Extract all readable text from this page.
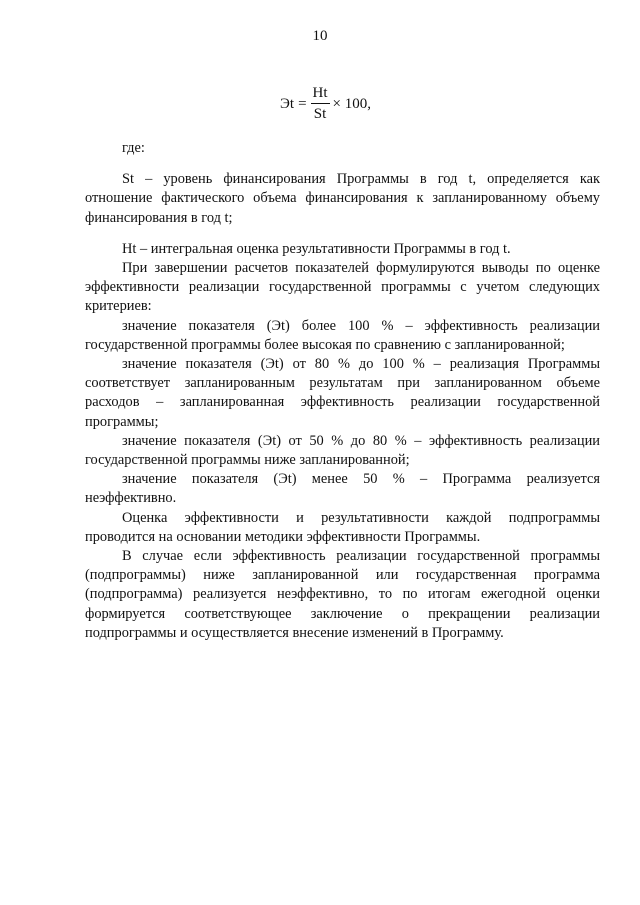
10
Эt = $\frac{Ht}{St} \times 100$,

где:

St – уровень финансирования Программы в год t, определяется как отношение фактического объема финансирования к запланированному объему финансирования в год t;

Ht – интегральная оценка результативности Программы в год t.

При завершении расчетов показателей формулируются выводы по оценке эффективности реализации государственной программы с учетом следующих критериев:

значение показателя (Эt) более 100 % – эффективность реализации государственной программы более высокая по сравнению с запланированной;

значение показателя (Эt) от 80 % до 100 % – реализация Программы соответствует запланированным результатам при запланированном объеме расходов – запланированная эффективность реализации государственной программы;

значение показателя (Эt) от 50 % до 80 % – эффективность реализации государственной программы ниже запланированной;

значение показателя (Эt) менее 50 % – Программа реализуется неэффективно.

Оценка эффективности и результативности каждой подпрограммы проводится на основании методики эффективности Программы.

В случае если эффективность реализации государственной программы (подпрограммы) ниже запланированной или государственная программа (подпрограмма) реализуется неэффективно, то по итогам ежегодной оценки формируется соответствующее заключение о прекращении реализации подпрограммы и осуществляется внесение изменений в Программу.
